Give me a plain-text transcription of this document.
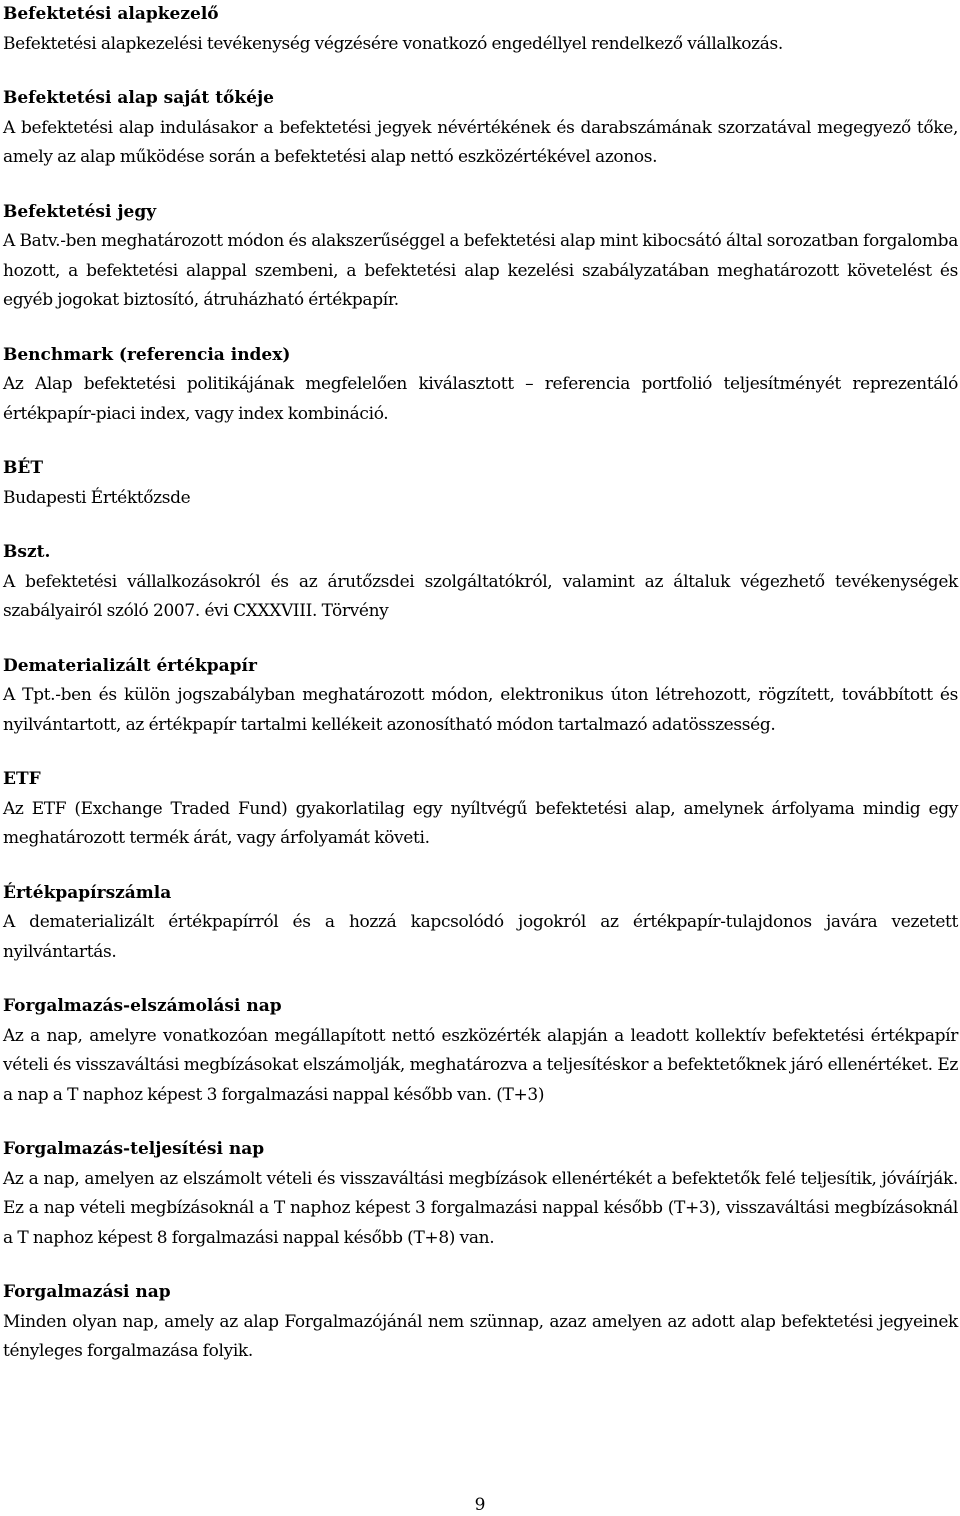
Befektetési alapkezelő

Befektetési alapkezelési tevékenység végzésére vonatkozó engedéllyel rendelkező vállalkozás.

Befektetési alap saját tőkéje

A befektetési alap indulásakor a befektetési jegyek névértékének és darabszámának szorzatával megegyező tőke, amely az alap működése során a befektetési alap nettó eszközértékével azonos.

Befektetési jegy

A Batv.-ben meghatározott módon és alakszerűséggel a befektetési alap mint kibocsátó által sorozatban forgalomba hozott, a befektetési alappal szembeni, a befektetési alap kezelési szabályzatában meghatározott követelést és egyéb jogokat biztosító, átruházható értékpapír.

Benchmark (referencia index)

Az Alap befektetési politikájának megfelelően kiválasztott – referencia portfolió teljesítményét reprezentáló értékpapír-piaci index, vagy index kombináció.

BÉT

Budapesti Értéktőzsde

Bszt.

A befektetési vállalkozásokról és az árutőzsdei szolgáltatókról, valamint az általuk végezhető tevékenységek szabályairól szóló 2007. évi CXXXVIII. Törvény

Dematerializált értékpapír

A Tpt.-ben és külön jogszabályban meghatározott módon, elektronikus úton létrehozott, rögzített, továbbított és nyilvántartott, az értékpapír tartalmi kellékeit azonosítható módon tartalmazó adatösszesség.

ETF

Az ETF (Exchange Traded Fund) gyakorlatilag egy nyíltvégű befektetési alap, amelynek árfolyama mindig egy meghatározott termék árát, vagy árfolyamát követi.

Értékpapírszámla

A dematerializált értékpapírról és a hozzá kapcsolódó jogokról az értékpapír-tulajdonos javára vezetett nyilvántartás.

Forgalmazás-elszámolási nap

Az a nap, amelyre vonatkozóan megállapított nettó eszközérték alapján a leadott kollektív befektetési értékpapír vételi és visszaváltási megbízásokat elszámolják, meghatározva a teljesítéskor a befektetőknek járó ellenértéket. Ez a nap a T naphoz képest 3 forgalmazási nappal később van. (T+3)

Forgalmazás-teljesítési nap

Az a nap, amelyen az elszámolt vételi és visszaváltási megbízások ellenértékét a befektetők felé teljesítik, jóváírják. Ez a nap vételi megbízásoknál a T naphoz képest 3 forgalmazási nappal később (T+3), visszaváltási megbízásoknál a T naphoz képest 8 forgalmazási nappal később (T+8) van.

Forgalmazási nap

Minden olyan nap, amely az alap Forgalmazójánál nem szünnap, azaz amelyen az adott alap befektetési jegyeinek tényleges forgalmazása folyik.

9
